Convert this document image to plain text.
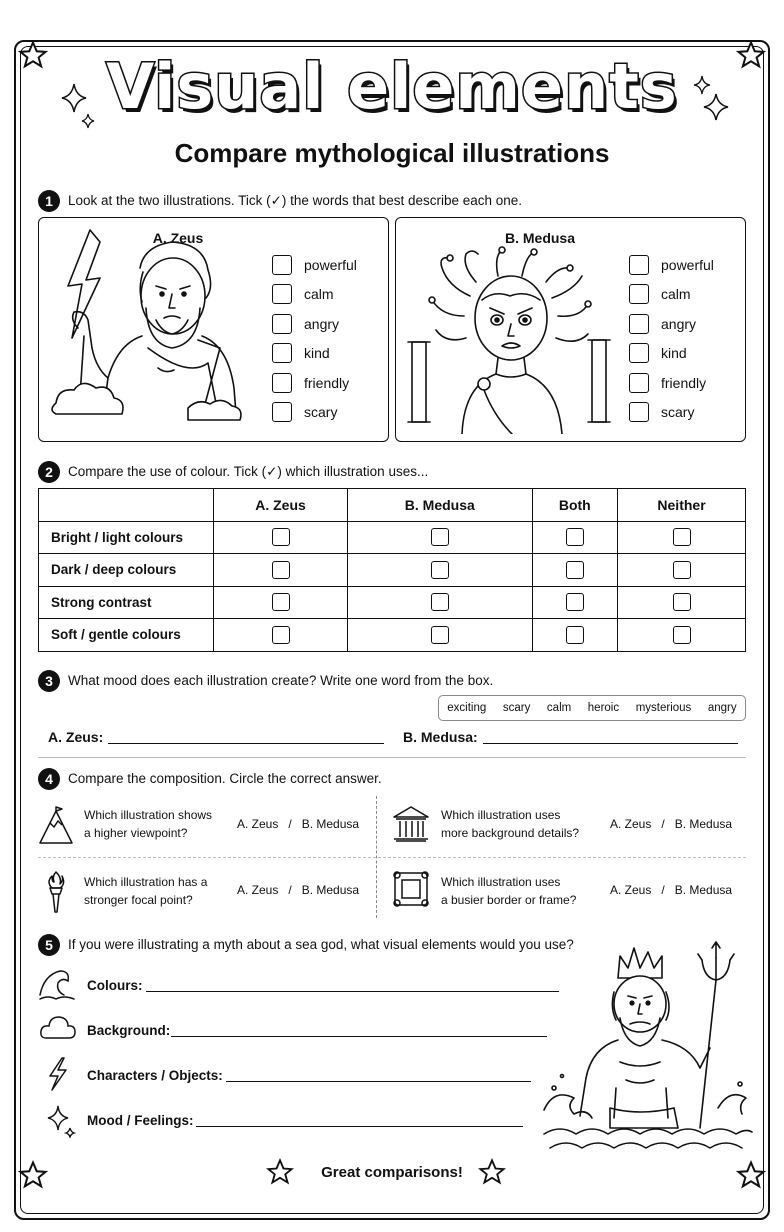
Visual elements
Compare mythological illustrations
1	Look at the two illustrations. Tick (✓) the words that best describe each one.
A. Zeus
powerful
calm
angry
kind
friendly
scary
B. Medusa
powerful
calm
angry
kind
friendly
scary
2	Compare the use of colour. Tick (✓) which illustration uses...
	A. Zeus	B. Medusa	Both	Neither
Bright / light colours				
Dark / deep colours				
Strong contrast				
Soft / gentle colours				
3	What mood does each illustration create? Write one word from the box.
exciting scary calm heroic mysterious angry
A. Zeus:	B. Medusa:
4	Compare the composition. Circle the correct answer.
Which illustration shows
a higher viewpoint?
A. Zeus   /   B. Medusa
Which illustration uses
more background details?
A. Zeus   /   B. Medusa
Which illustration has a
stronger focal point?
A. Zeus   /   B. Medusa
Which illustration uses
a busier border or frame?
A. Zeus   /   B. Medusa
5	If you were illustrating a myth about a sea god, what visual elements would you use?
Colours:
Background:
Characters / Objects:
Mood / Feelings:
Great comparisons!
